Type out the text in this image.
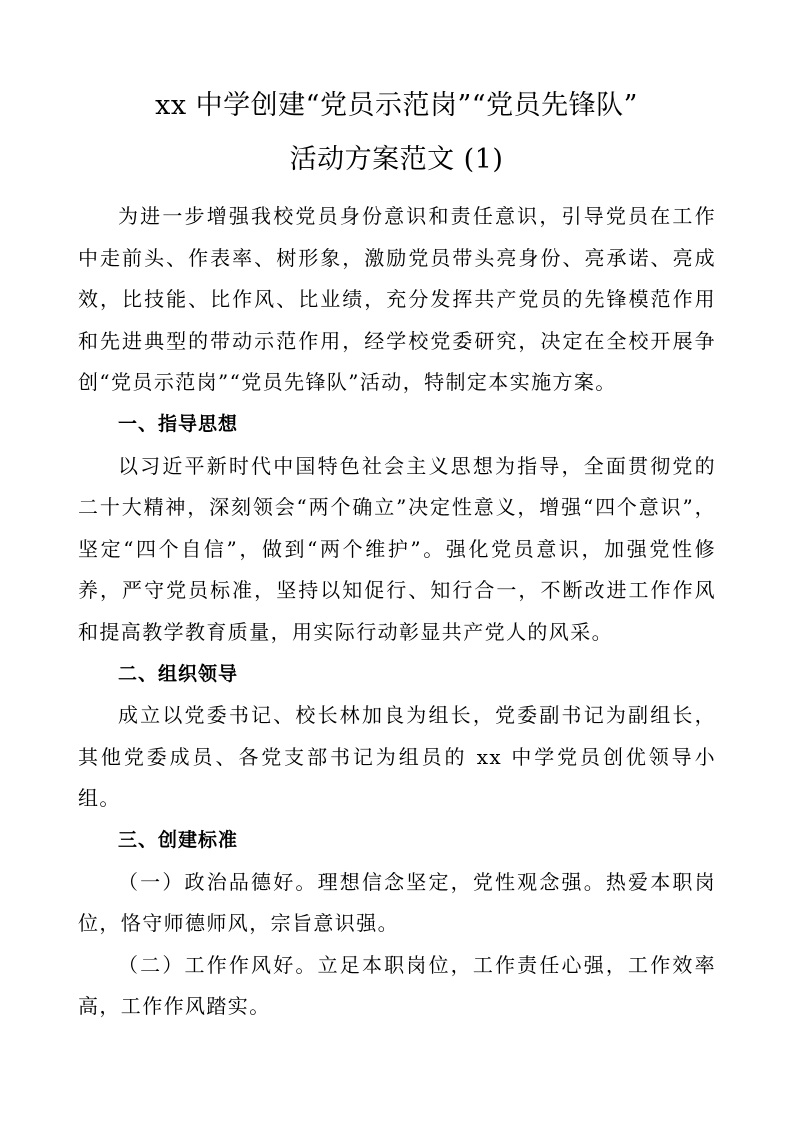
xx 中学创建“党员示范岗”“党员先锋队”
活动方案范文 (1)

为进一步增强我校党员身份意识和责任意识，引导党员在工作中走前头、作表率、树形象，激励党员带头亮身份、亮承诺、亮成效，比技能、比作风、比业绩，充分发挥共产党员的先锋模范作用和先进典型的带动示范作用，经学校党委研究，决定在全校开展争创“党员示范岗”“党员先锋队”活动，特制定本实施方案。

一、指导思想

以习近平新时代中国特色社会主义思想为指导，全面贯彻党的二十大精神，深刻领会“两个确立”决定性意义，增强“四个意识”，坚定“四个自信”，做到“两个维护”。强化党员意识，加强党性修养，严守党员标准，坚持以知促行、知行合一，不断改进工作作风和提高教学教育质量，用实际行动彰显共产党人的风采。

二、组织领导

成立以党委书记、校长林加良为组长，党委副书记为副组长，其他党委成员、各党支部书记为组员的 xx 中学党员创优领导小组。

三、创建标准

（一）政治品德好。理想信念坚定，党性观念强。热爱本职岗位，恪守师德师风，宗旨意识强。

（二）工作作风好。立足本职岗位，工作责任心强，工作效率高，工作作风踏实。
